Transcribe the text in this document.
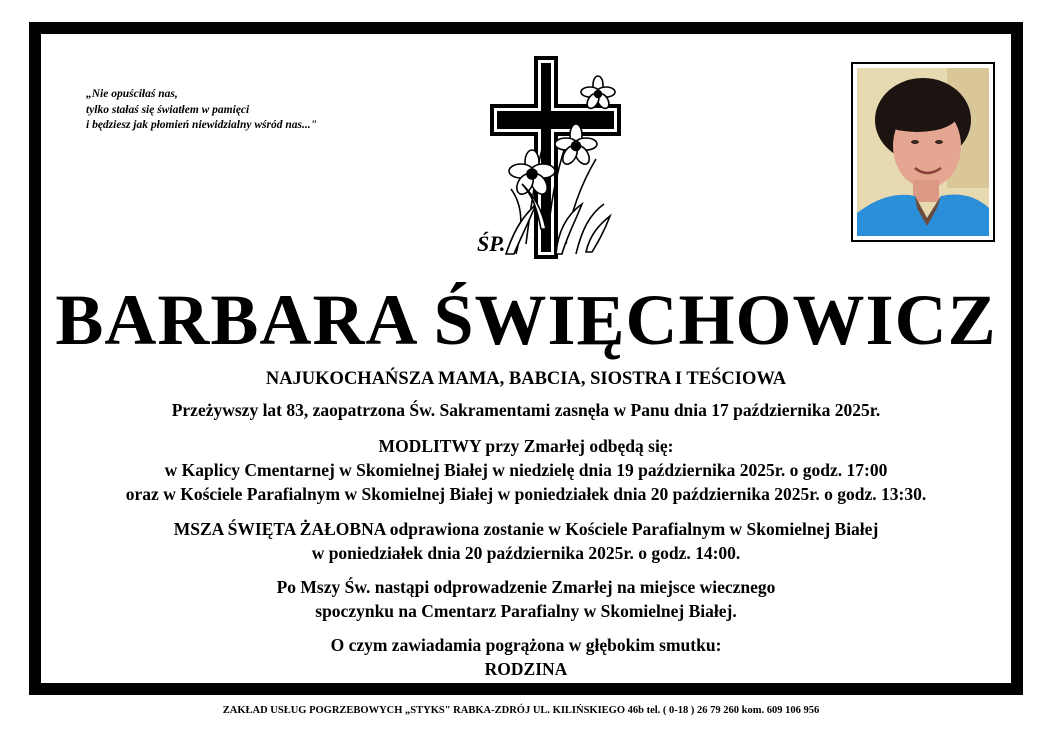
„Nie opuściłaś nas,
tylko stałaś się światłem w pamięci
i będziesz jak płomień niewidzialny wśród nas..."
ŚP.
BARBARA ŚWIĘCHOWICZ
NAJUKOCHAŃSZA MAMA, BABCIA, SIOSTRA I TEŚCIOWA
Przeżywszy lat 83, zaopatrzona Św. Sakramentami zasnęła w Panu dnia 17 października 2025r.
MODLITWY przy Zmarłej odbędą się:
w Kaplicy Cmentarnej w Skomielnej Białej w niedzielę dnia 19 października 2025r. o godz. 17:00
oraz w Kościele Parafialnym w Skomielnej Białej w poniedziałek dnia 20 października 2025r. o godz. 13:30.
MSZA ŚWIĘTA ŻAŁOBNA odprawiona zostanie w Kościele Parafialnym w Skomielnej Białej
w poniedziałek dnia 20 października 2025r. o godz. 14:00.
Po Mszy Św. nastąpi odprowadzenie Zmarłej na miejsce wiecznego
spoczynku na Cmentarz Parafialny w Skomielnej Białej.
O czym zawiadamia pogrążona w głębokim smutku:
RODZINA
ZAKŁAD USŁUG POGRZEBOWYCH „STYKS" RABKA-ZDRÓJ UL. KILIŃSKIEGO 46b tel. ( 0-18 ) 26 79 260 kom. 609 106 956
